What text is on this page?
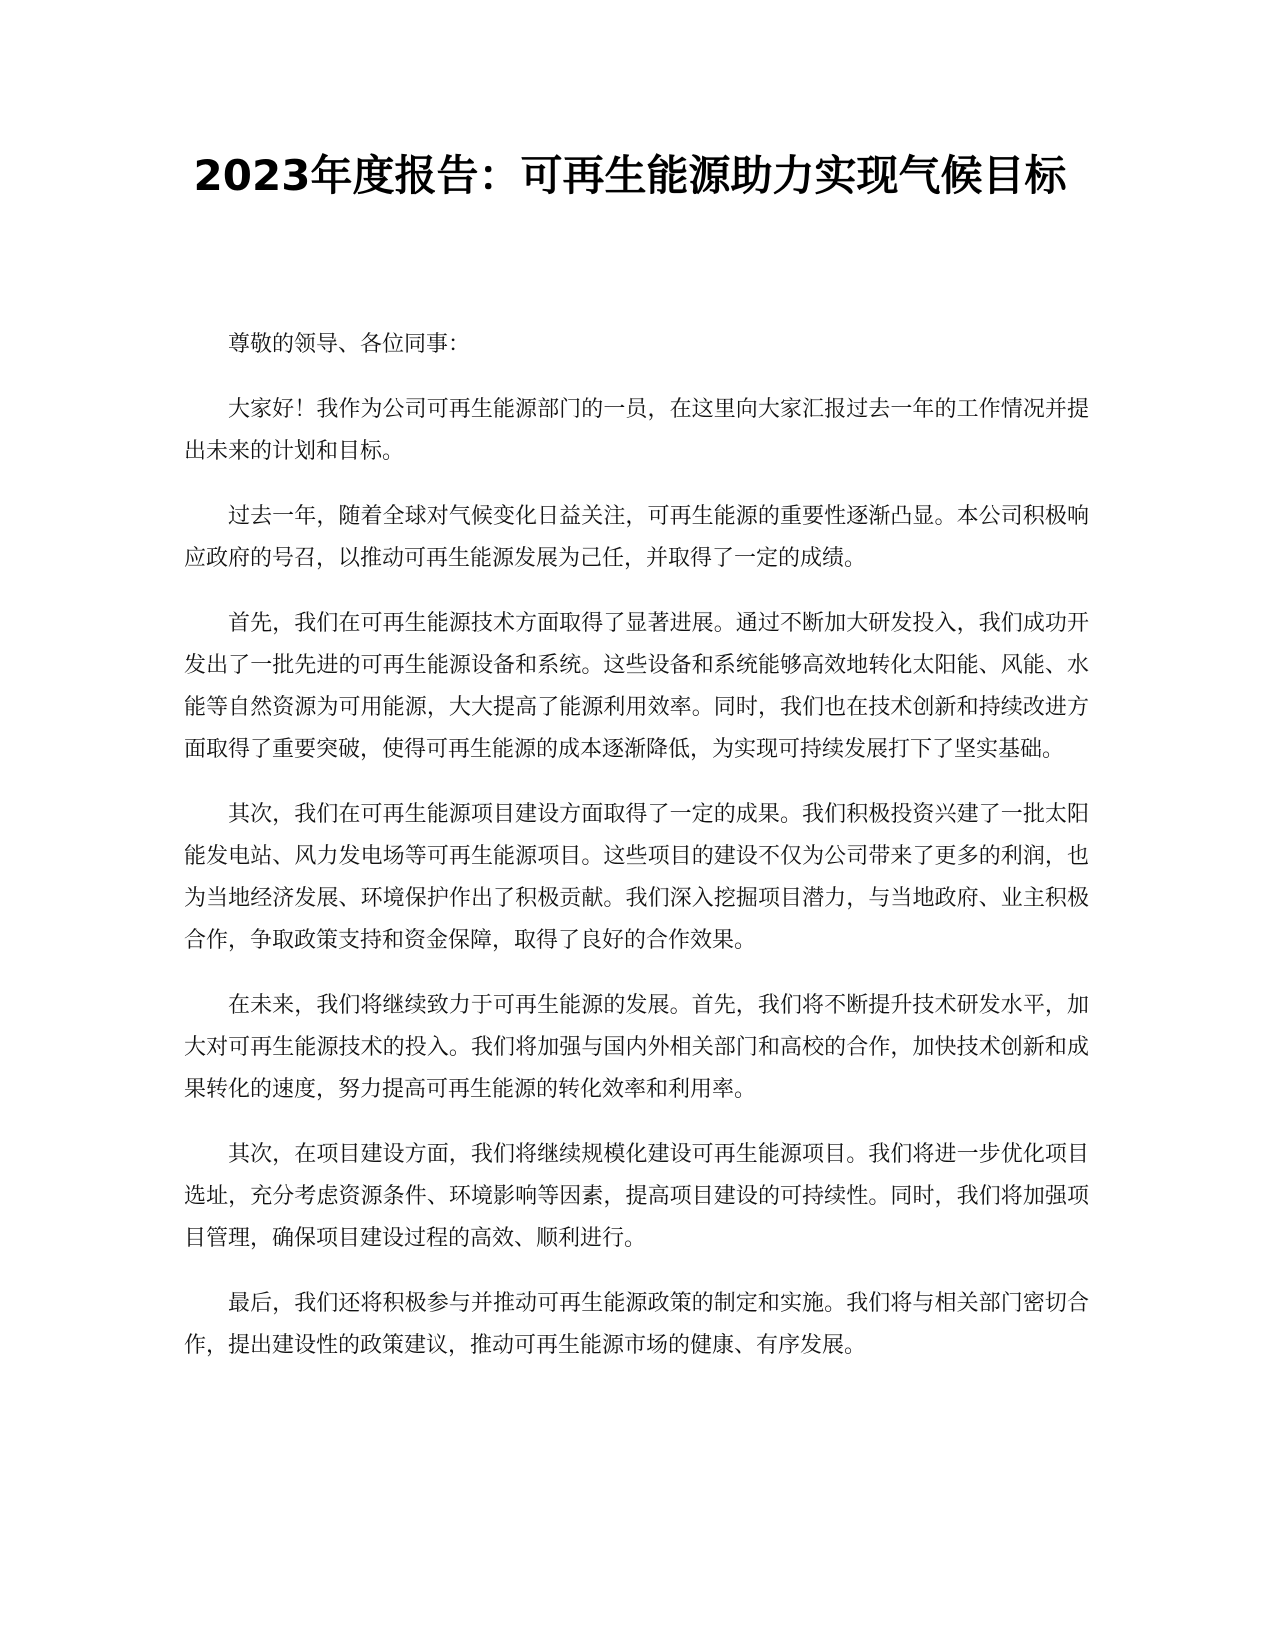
2023年度报告：可再生能源助力实现气候目标

尊敬的领导、各位同事：

大家好！我作为公司可再生能源部门的一员，在这里向大家汇报过去一年的工作情况并提出未来的计划和目标。

过去一年，随着全球对气候变化日益关注，可再生能源的重要性逐渐凸显。本公司积极响应政府的号召，以推动可再生能源发展为己任，并取得了一定的成绩。

首先，我们在可再生能源技术方面取得了显著进展。通过不断加大研发投入，我们成功开发出了一批先进的可再生能源设备和系统。这些设备和系统能够高效地转化太阳能、风能、水能等自然资源为可用能源，大大提高了能源利用效率。同时，我们也在技术创新和持续改进方面取得了重要突破，使得可再生能源的成本逐渐降低，为实现可持续发展打下了坚实基础。

其次，我们在可再生能源项目建设方面取得了一定的成果。我们积极投资兴建了一批太阳能发电站、风力发电场等可再生能源项目。这些项目的建设不仅为公司带来了更多的利润，也为当地经济发展、环境保护作出了积极贡献。我们深入挖掘项目潜力，与当地政府、业主积极合作，争取政策支持和资金保障，取得了良好的合作效果。

在未来，我们将继续致力于可再生能源的发展。首先，我们将不断提升技术研发水平，加大对可再生能源技术的投入。我们将加强与国内外相关部门和高校的合作，加快技术创新和成果转化的速度，努力提高可再生能源的转化效率和利用率。

其次，在项目建设方面，我们将继续规模化建设可再生能源项目。我们将进一步优化项目选址，充分考虑资源条件、环境影响等因素，提高项目建设的可持续性。同时，我们将加强项目管理，确保项目建设过程的高效、顺利进行。

最后，我们还将积极参与并推动可再生能源政策的制定和实施。我们将与相关部门密切合作，提出建设性的政策建议，推动可再生能源市场的健康、有序发展。
